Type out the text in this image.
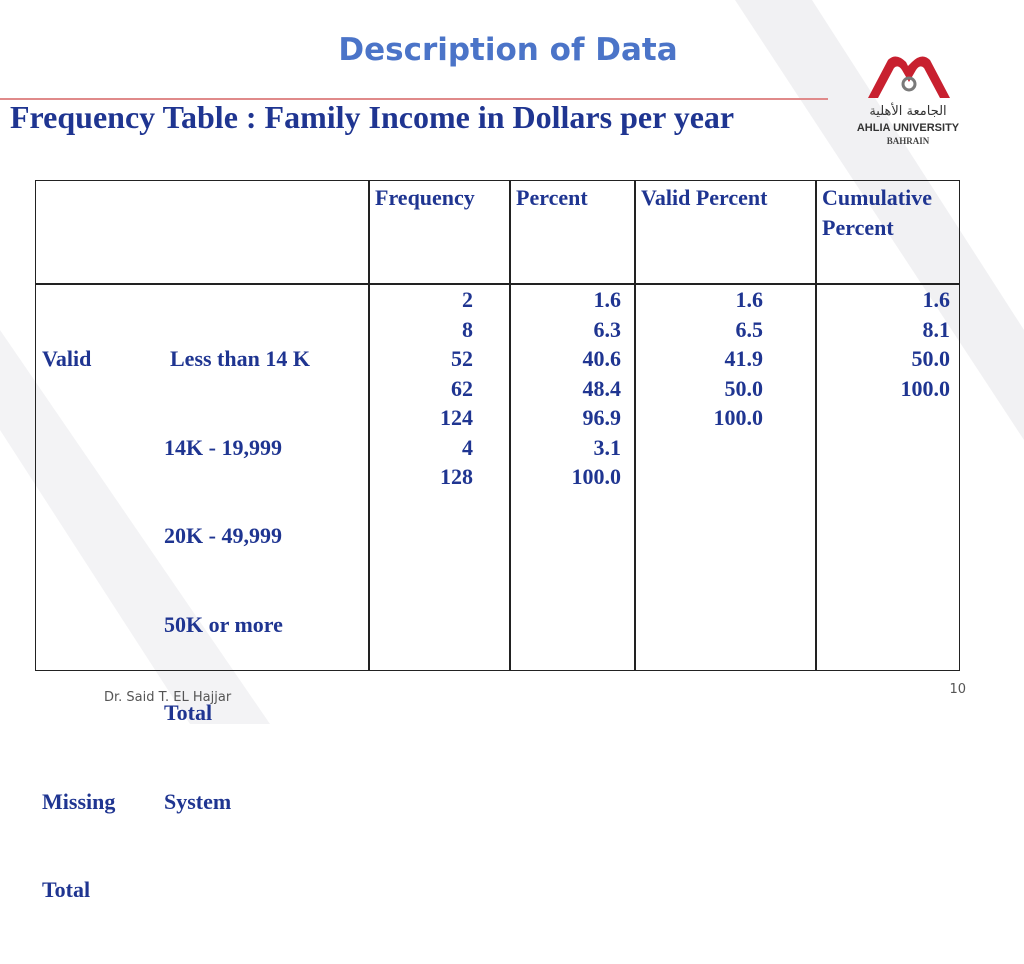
Description of Data
Frequency Table : Family Income in Dollars per year	الجامعة الأهلية
AHLIA UNIVERSITY
BAHRAIN
Frequency Percent Valid Percent Cumulative
Percent

Valid

Missing

Total

Less than 14 K

14K - 19,999

20K - 49,999

50K or more

Total

System

2
8
52
62
124
4
128
1.6
6.3
40.6
48.4
96.9
3.1
100.0
1.6
6.5
41.9
50.0
100.0
1.6
8.1
50.0
100.0
Dr. Said T. EL Hajjar
10
